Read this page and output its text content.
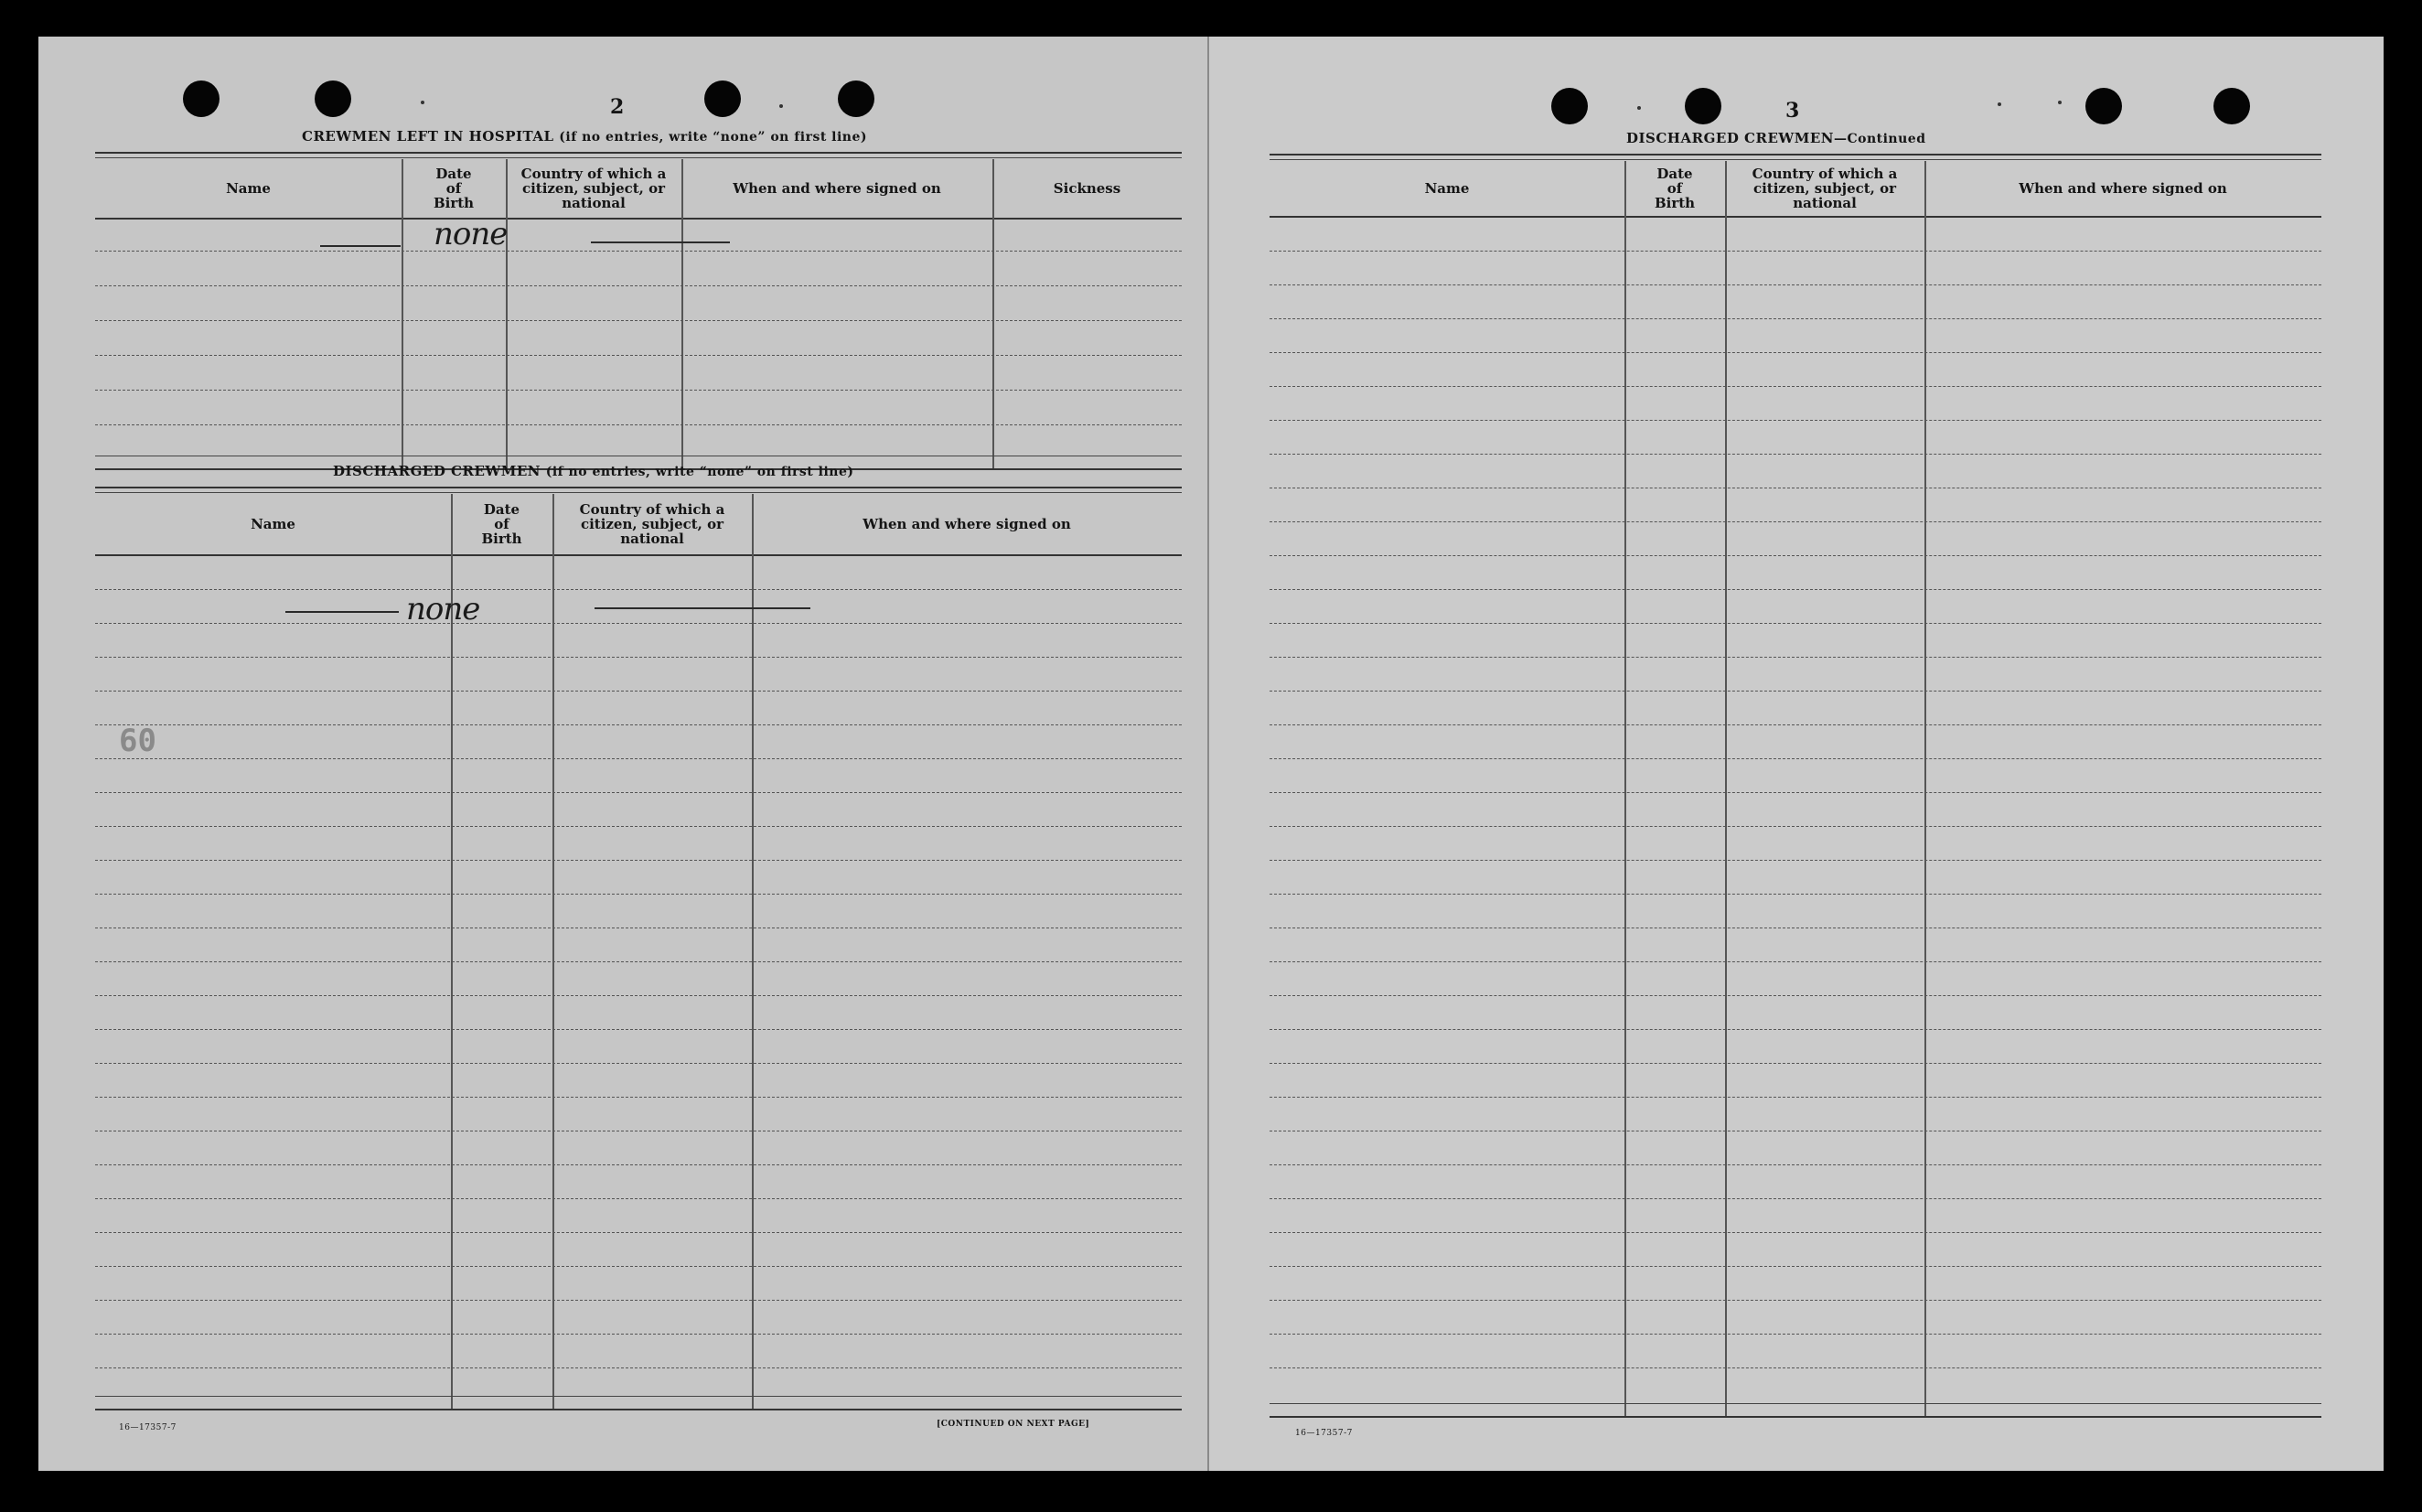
2
CREWMEN LEFT IN HOSPITAL (if no entries, write “none” on first line)
Name
Date
of
Birth
Country of which a
citizen, subject, or
national
When and where signed on	Sickness
none
DISCHARGED CREWMEN (if no entries, write “none” on first line)
Name
Date
of
Birth
Country of which a
citizen, subject, or
national
When and where signed on
none
60
16—17357-7	[CONTINUED ON NEXT PAGE]
3
DISCHARGED CREWMEN—Continued
Name
Date
of
Birth
Country of which a
citizen, subject, or
national
When and where signed on
16—17357-7
